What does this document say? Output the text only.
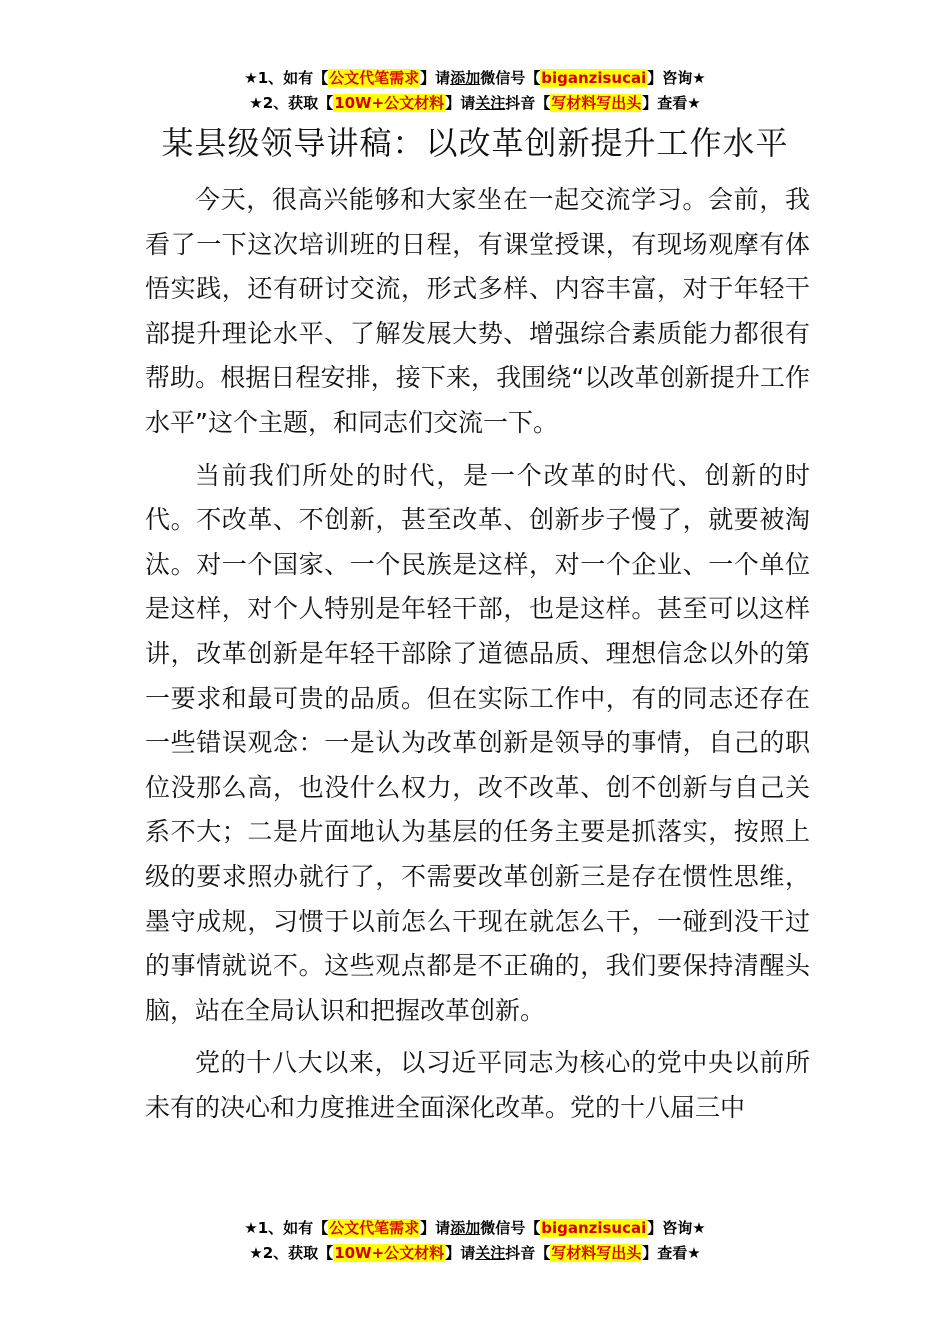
★1、如有【公文代笔需求】请添加微信号【biganzisucai】咨询★
★2、获取【10W+公文材料】请关注抖音【写材料写出头】查看★
某县级领导讲稿：以改革创新提升工作水平

今天，很高兴能够和大家坐在一起交流学习。会前，我看了一下这次培训班的日程，有课堂授课，有现场观摩有体悟实践，还有研讨交流，形式多样、内容丰富，对于年轻干部提升理论水平、了解发展大势、增强综合素质能力都很有帮助。根据日程安排，接下来，我围绕“以改革创新提升工作水平”这个主题，和同志们交流一下。

当前我们所处的时代，是一个改革的时代、创新的时代。不改革、不创新，甚至改革、创新步子慢了，就要被淘汰。对一个国家、一个民族是这样，对一个企业、一个单位是这样，对个人特别是年轻干部，也是这样。甚至可以这样讲，改革创新是年轻干部除了道德品质、理想信念以外的第一要求和最可贵的品质。但在实际工作中，有的同志还存在一些错误观念：一是认为改革创新是领导的事情，自己的职位没那么高，也没什么权力，改不改革、创不创新与自己关系不大；二是片面地认为基层的任务主要是抓落实，按照上级的要求照办就行了，不需要改革创新三是存在惯性思维，墨守成规，习惯于以前怎么干现在就怎么干，一碰到没干过的事情就说不。这些观点都是不正确的，我们要保持清醒头脑，站在全局认识和把握改革创新。

党的十八大以来，以习近平同志为核心的党中央以前所未有的决心和力度推进全面深化改革。党的十八届三中

★1、如有【公文代笔需求】请添加微信号【biganzisucai】咨询★
★2、获取【10W+公文材料】请关注抖音【写材料写出头】查看★
